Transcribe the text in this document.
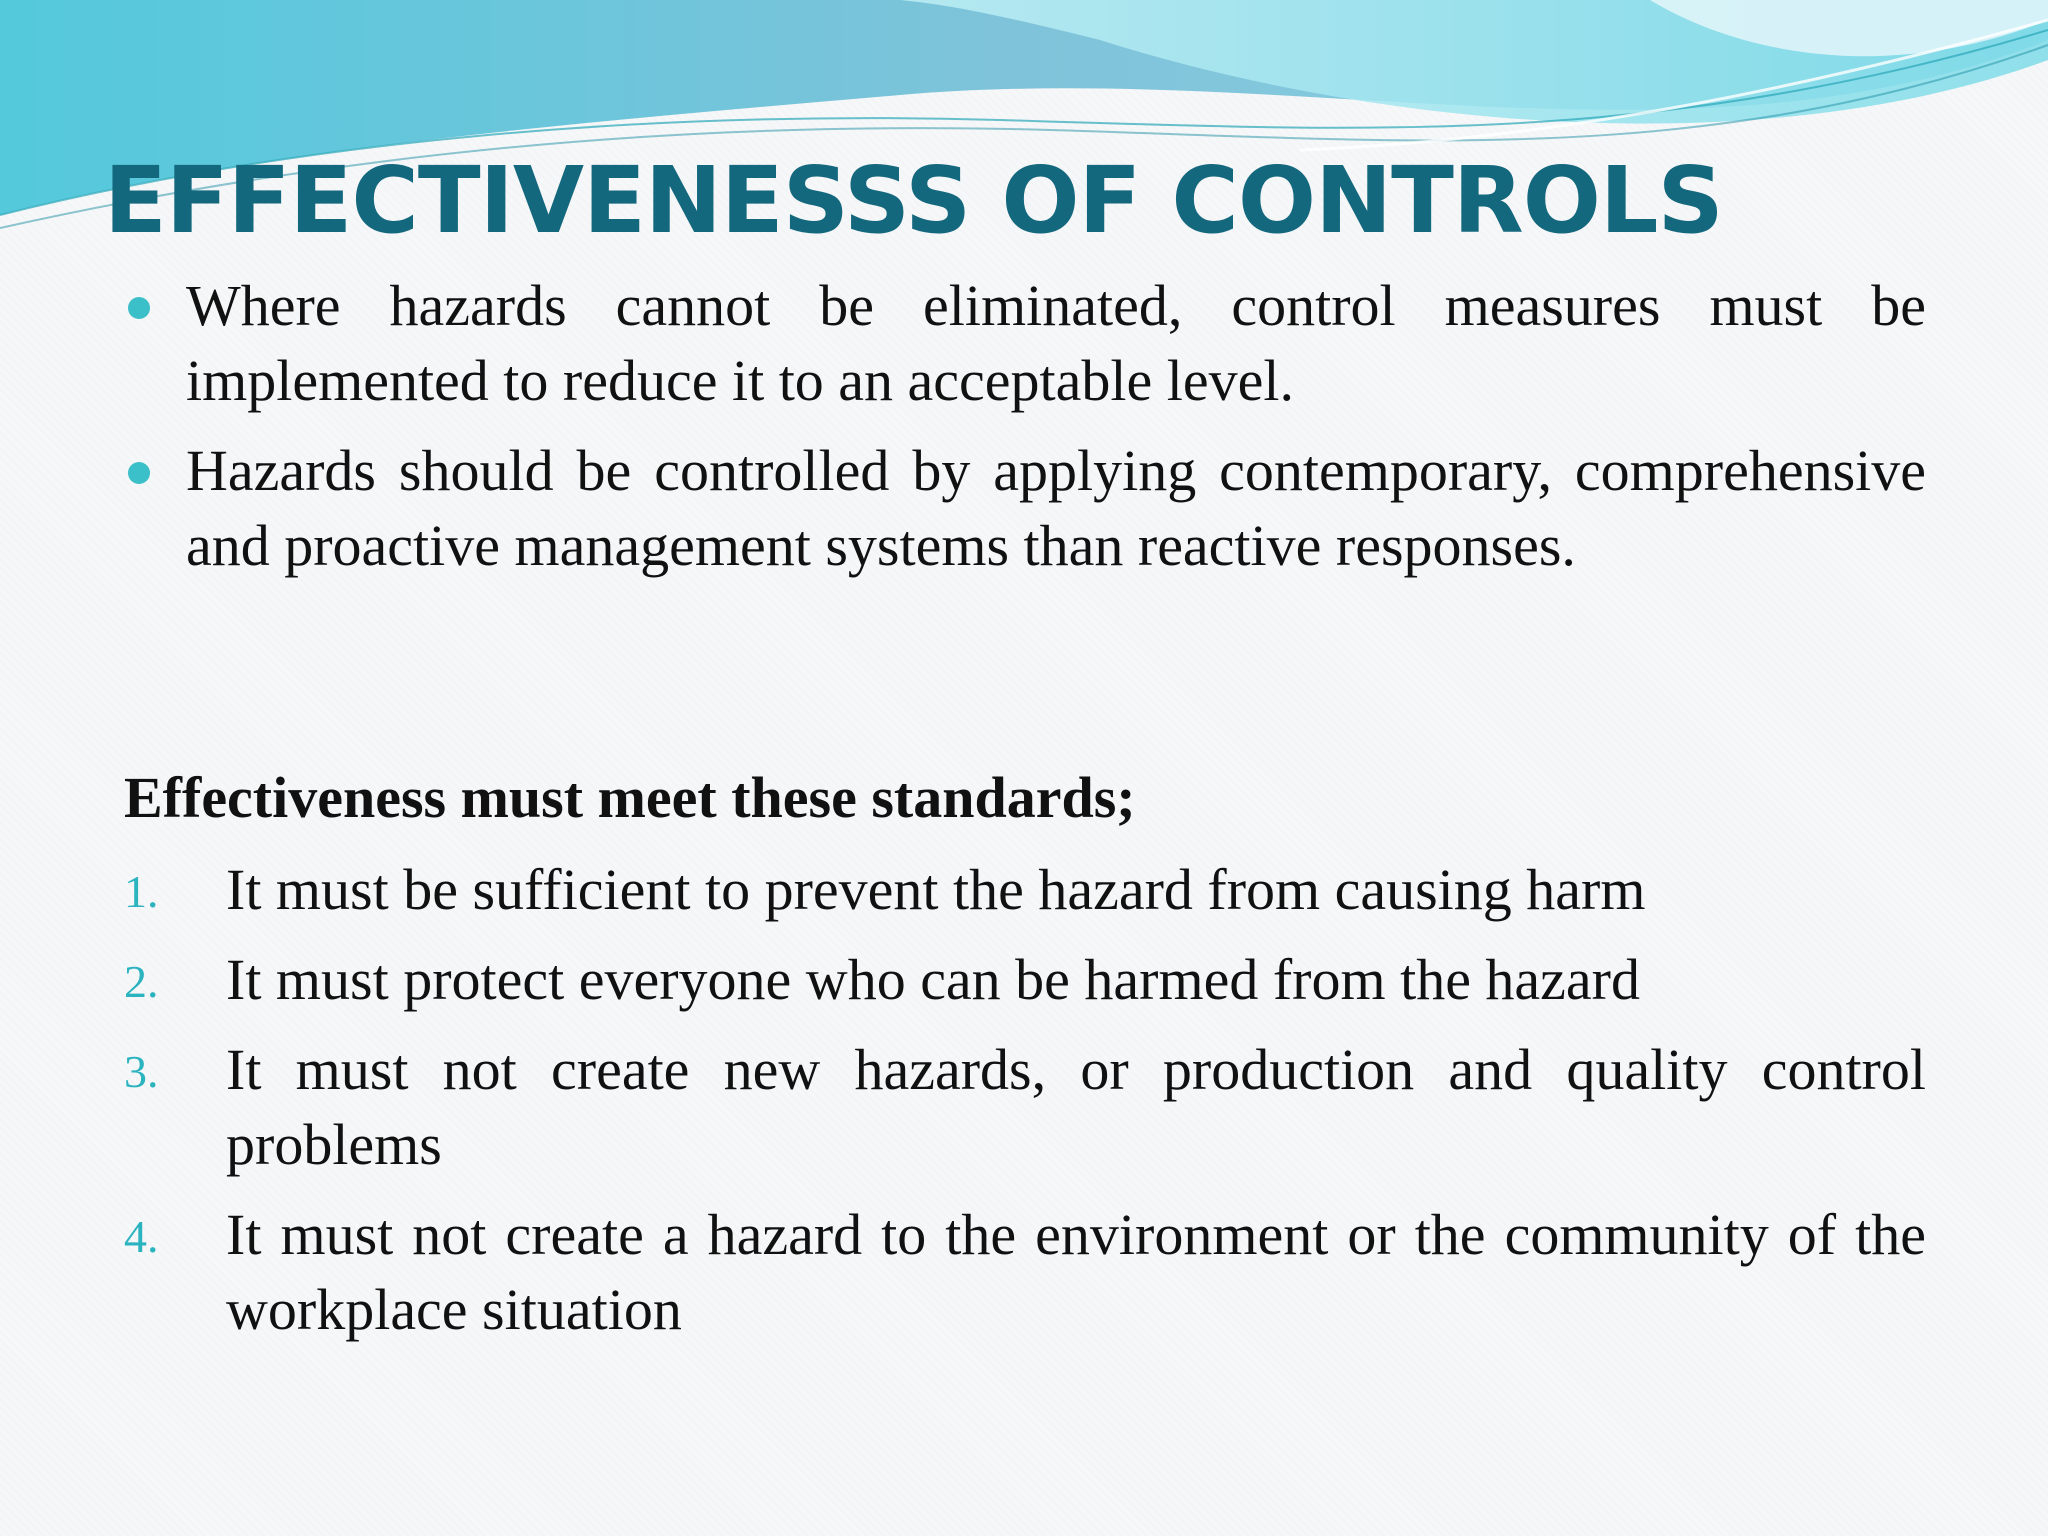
EFFECTIVENESSS OF CONTROLS
Where hazards cannot be eliminated, control measures must be implemented to reduce it to an acceptable level.
Hazards should be controlled by applying contemporary, comprehensive and proactive management systems than reactive responses.

Effectiveness must meet these standards;

1. It must be sufficient to prevent the hazard from causing harm
2. It must protect everyone who can be harmed from the hazard
3. It must not create new hazards, or production and quality control problems
4. It must not create a hazard to the environment or the community of the workplace situation
